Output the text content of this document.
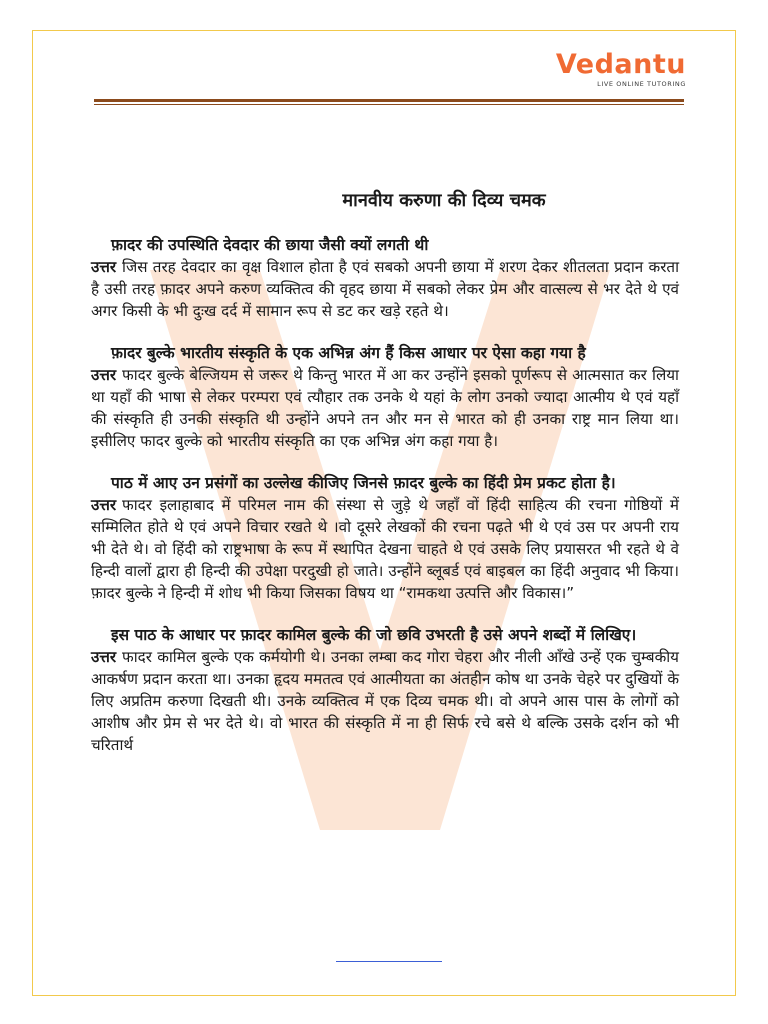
Vedantu
LIVE ONLINE TUTORING
मानवीय करुणा की दिव्य चमक

फ़ादर की उपस्थिति देवदार की छाया जैसी क्यों लगती थी

उत्तर जिस तरह देवदार का वृक्ष विशाल होता है एवं सबको अपनी छाया में शरण देकर शीतलता प्रदान करता है उसी तरह फ़ादर अपने करुण व्यक्तित्व की वृहद छाया में सबको लेकर प्रेम और वात्सल्य से भर देते थे एवं अगर किसी के भी दुःख दर्द में सामान रूप से डट कर खड़े रहते थे।

फ़ादर बुल्के भारतीय संस्कृति के एक अभिन्न अंग हैं किस आधार पर ऐसा कहा गया है

उत्तर फादर बुल्के बेल्जियम से जरूर थे किन्तु भारत में आ कर उन्होंने इसको पूर्णरूप से आत्मसात कर लिया था यहाँ की भाषा से लेकर परम्परा एवं त्यौहार तक उनके थे यहां के लोग उनको ज्यादा आत्मीय थे एवं यहाँ की संस्कृति ही उनकी संस्कृति थी उन्होंने अपने तन और मन से भारत को ही उनका राष्ट्र मान लिया था। इसीलिए फादर बुल्के को भारतीय संस्कृति का एक अभिन्न अंग कहा गया है।

पाठ में आए उन प्रसंगों का उल्लेख कीजिए जिनसे फ़ादर बुल्के का हिंदी प्रेम प्रकट होता है।

उत्तर फादर इलाहाबाद में परिमल नाम की संस्था से जुड़े थे जहाँ वों हिंदी साहित्य की रचना गोष्ठियों में सम्मिलित होते थे एवं अपने विचार रखते थे ।वो दूसरे लेखकों की रचना पढ़ते भी थे एवं उस पर अपनी राय भी देते थे। वो हिंदी को राष्ट्रभाषा के रूप में स्थापित देखना चाहते थे एवं उसके लिए प्रयासरत भी रहते थे वे हिन्दी वालों द्वारा ही हिन्दी की उपेक्षा परदुखी हो जाते। उन्होंने ब्लूबर्ड एवं बाइबल का हिंदी अनुवाद भी किया। फ़ादर बुल्के ने हिन्दी में शोध भी किया जिसका विषय था “रामकथा उत्पत्ति और विकास।”

इस पाठ के आधार पर फ़ादर कामिल बुल्के की जो छवि उभरती है उसे अपने शब्दों में लिखिए।

उत्तर फादर कामिल बुल्के एक कर्मयोगी थे। उनका लम्बा कद गोरा चेहरा और नीली आँखे उन्हें एक चुम्बकीय आकर्षण प्रदान करता था। उनका हृदय ममतत्व एवं आत्मीयता का अंतहीन कोष था उनके चेहरे पर दुखियों के लिए अप्रतिम करुणा दिखती थी। उनके व्यक्तित्व में एक दिव्य चमक थी। वो अपने आस पास के लोगों को आशीष और प्रेम से भर देते थे। वो भारत की संस्कृति में ना ही सिर्फ रचे बसे थे बल्कि उसके दर्शन को भी चरितार्थ
